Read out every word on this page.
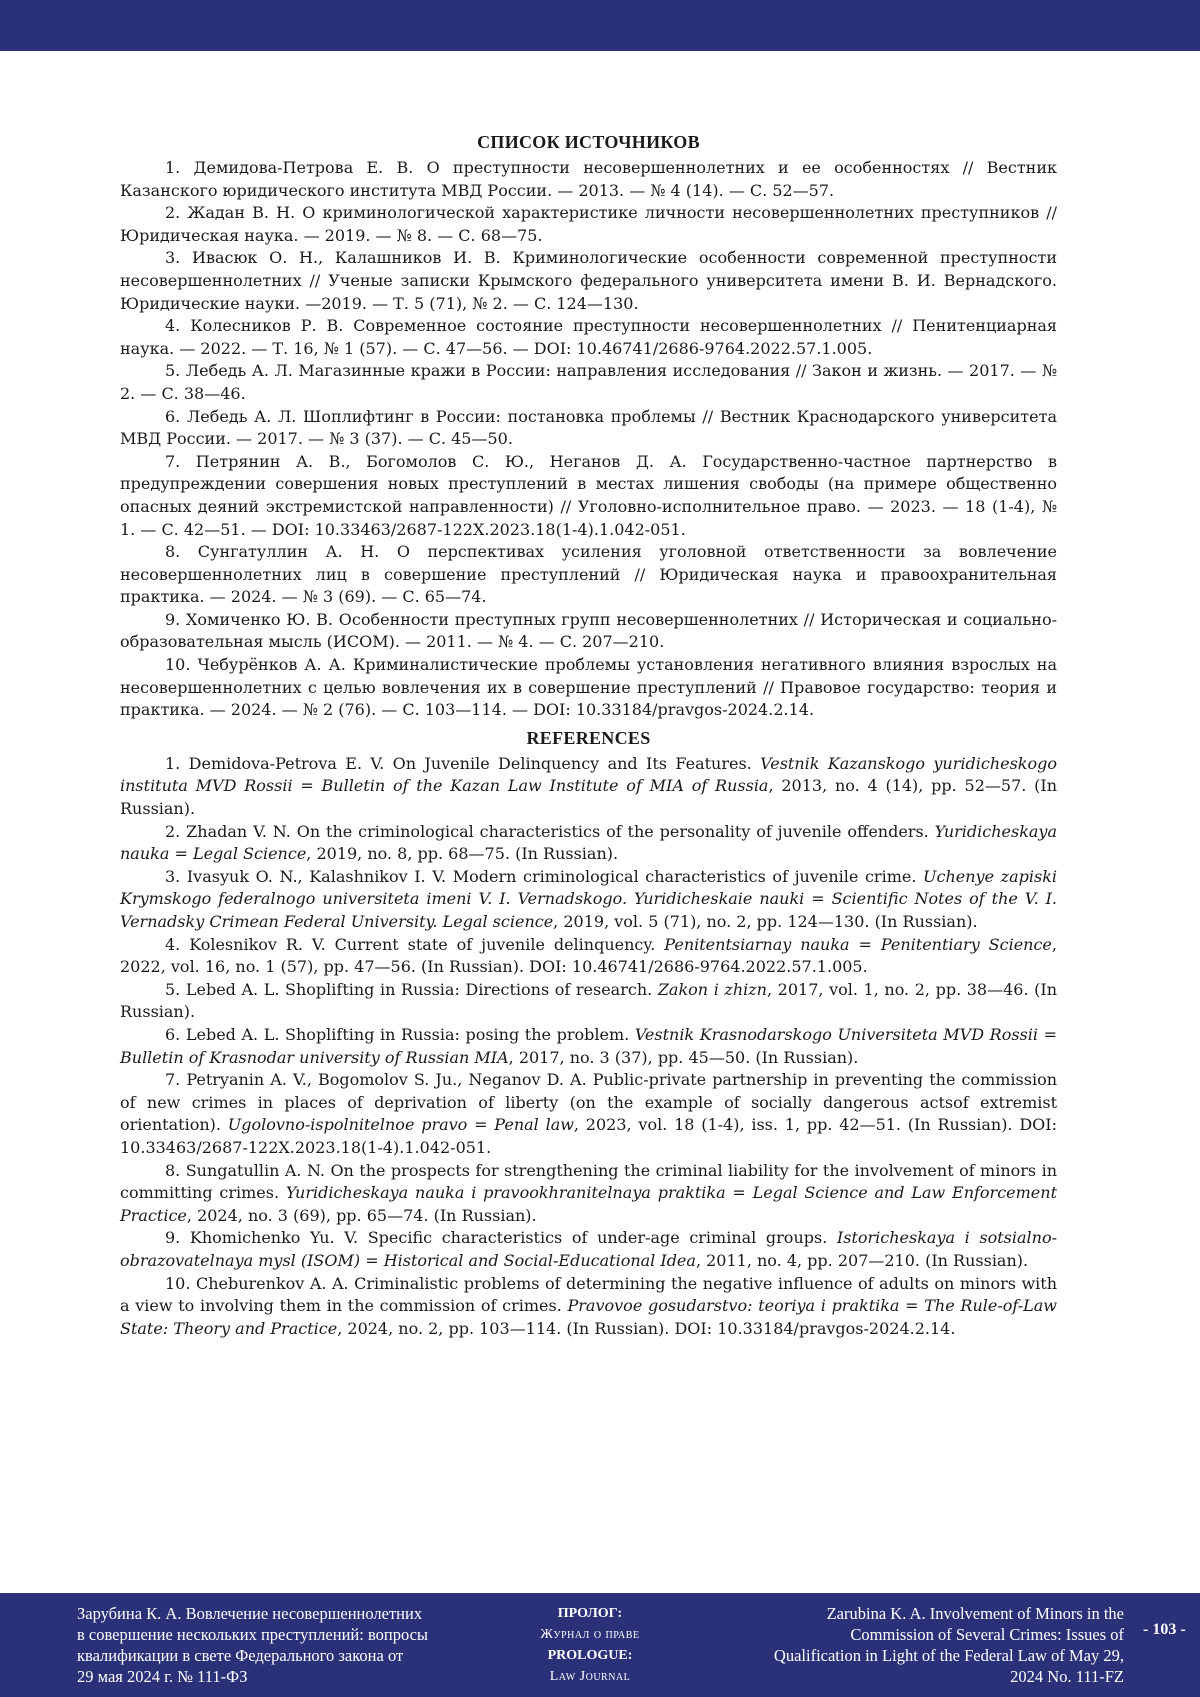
СПИСОК ИСТОЧНИКОВ

1. Демидова-Петрова Е. В. О преступности несовершеннолетних и ее особенностях // Вестник Казанского юридического института МВД России. — 2013. — № 4 (14). — С. 52—57.

2. Жадан В. Н. О криминологической характеристике личности несовершеннолетних преступников // Юридическая наука. — 2019. — № 8. — С. 68—75.

3. Ивасюк О. Н., Калашников И. В. Криминологические особенности современной преступности несовершеннолетних // Ученые записки Крымского федерального университета имени В. И. Вернадского. Юридические науки. —2019. — Т. 5 (71), № 2. — С. 124—130.

4. Колесников Р. В. Современное состояние преступности несовершеннолетних // Пенитенциарная наука. — 2022. — Т. 16, № 1 (57). — С. 47—56. — DOI: 10.46741/2686-9764.2022.57.1.005.

5. Лебедь А. Л. Магазинные кражи в России: направления исследования // Закон и жизнь. — 2017. — № 2. — С. 38—46.

6. Лебедь А. Л. Шоплифтинг в России: постановка проблемы // Вестник Краснодарского университета МВД России. — 2017. — № 3 (37). — С. 45—50.

7. Петрянин А. В., Богомолов С. Ю., Неганов Д. А. Государственно-частное партнерство в предупреждении совершения новых преступлений в местах лишения свободы (на примере общественно опасных деяний экстремистской направленности) // Уголовно-исполнительное право. — 2023. — 18 (1-4), № 1. — С. 42—51. — DOI: 10.33463/2687-122X.2023.18(1-4).1.042-051.

8. Сунгатуллин А. Н. О перспективах усиления уголовной ответственности за вовлечение несовершеннолетних лиц в совершение преступлений // Юридическая наука и правоохранительная практика. — 2024. — № 3 (69). — С. 65—74.

9. Хомиченко Ю. В. Особенности преступных групп несовершеннолетних // Историческая и социально-образовательная мысль (ИСОМ). — 2011. — № 4. — С. 207—210.

10. Чебурёнков А. А. Криминалистические проблемы установления негативного влияния взрослых на несовершеннолетних с целью вовлечения их в совершение преступлений // Правовое государство: теория и практика. — 2024. — № 2 (76). — С. 103—114. — DOI: 10.33184/pravgos-2024.2.14.

REFERENCES

1. Demidova-Petrova E. V. On Juvenile Delinquency and Its Features. Vestnik Kazanskogo yuridicheskogo instituta MVD Rossii = Bulletin of the Kazan Law Institute of MIA of Russia, 2013, no. 4 (14), pp. 52—57. (In Russian).

2. Zhadan V. N. On the criminological characteristics of the personality of juvenile offenders. Yuridicheskaya nauka = Legal Science, 2019, no. 8, pp. 68—75. (In Russian).

3. Ivasyuk O. N., Kalashnikov I. V. Modern criminological characteristics of juvenile crime. Uchenye zapiski Krymskogo federalnogo universiteta imeni V. I. Vernadskogo. Yuridicheskaie nauki = Scientific Notes of the V. I. Vernadsky Crimean Federal University. Legal science, 2019, vol. 5 (71), no. 2, pp. 124—130. (In Russian).

4. Kolesnikov R. V. Current state of juvenile delinquency. Penitentsiarnay nauka = Penitentiary Science, 2022, vol. 16, no. 1 (57), pp. 47—56. (In Russian). DOI: 10.46741/2686-9764.2022.57.1.005.

5. Lebed A. L. Shoplifting in Russia: Directions of research. Zakon i zhizn, 2017, vol. 1, no. 2, pp. 38—46. (In Russian).

6. Lebed A. L. Shoplifting in Russia: posing the problem. Vestnik Krasnodarskogo Universiteta MVD Rossii = Bulletin of Krasnodar university of Russian MIA, 2017, no. 3 (37), pp. 45—50. (In Russian).

7. Petryanin A. V., Bogomolov S. Ju., Neganov D. A. Public-private partnership in preventing the commission of new crimes in places of deprivation of liberty (on the example of socially dangerous actsof extremist orientation). Ugolovno-ispolnitelnoe pravo = Penal law, 2023, vol. 18 (1-4), iss. 1, pp. 42—51. (In Russian). DOI: 10.33463/2687-122X.2023.18(1-4).1.042-051.

8. Sungatullin A. N. On the prospects for strengthening the criminal liability for the involvement of minors in committing crimes. Yuridicheskaya nauka i pravookhranitelnaya praktika = Legal Science and Law Enforcement Practice, 2024, no. 3 (69), pp. 65—74. (In Russian).

9. Khomichenko Yu. V. Specific characteristics of under-age criminal groups. Istoricheskaya i sotsialno-obrazovatelnaya mysl (ISOM) = Historical and Social-Educational Idea, 2011, no. 4, pp. 207—210. (In Russian).

10. Cheburenkov A. A. Criminalistic problems of determining the negative influence of adults on minors with a view to involving them in the commission of crimes. Pravovoe gosudarstvo: teoriya i praktika = The Rule-of-Law State: Theory and Practice, 2024, no. 2, pp. 103—114. (In Russian). DOI: 10.33184/pravgos-2024.2.14.

Зарубина К. А. Вовлечение несовершеннолетних
в совершение нескольких преступлений: вопросы
квалификации в свете Федерального закона от
29 мая 2024 г. № 111-ФЗ
ПРОЛОГ:
Журнал о праве
PROLOGUE:
Law Journal
Zarubina K. A. Involvement of Minors in the
Commission of Several Crimes: Issues of
Qualification in Light of the Federal Law of May 29,
2024 No. 111-FZ
- 103 -
